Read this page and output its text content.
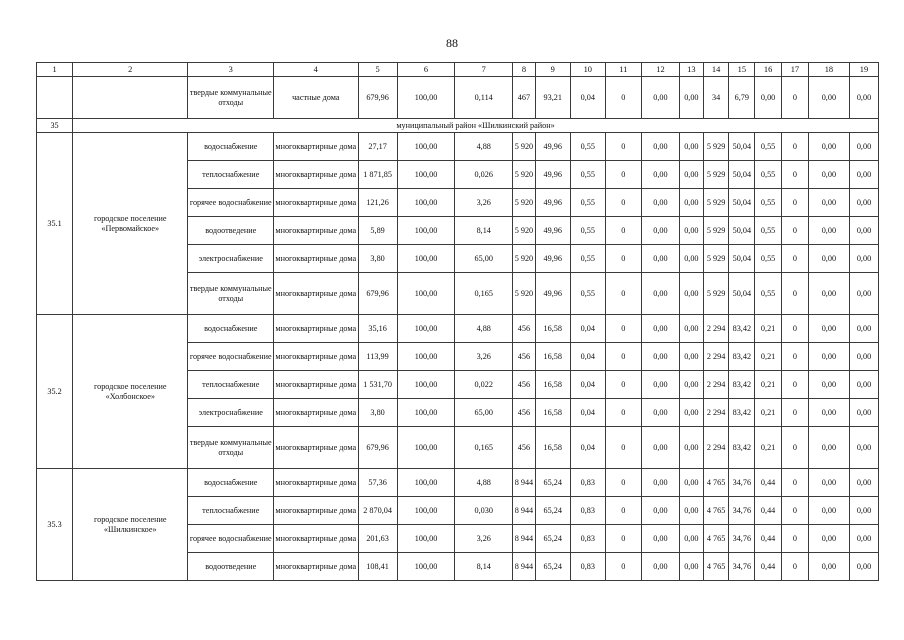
88
1	2	3	4	5	6	7	8	9	10	11	12	13	14	15	16	17	18	19
		твердые коммунальные отходы	частные дома	679,96	100,00	0,114	467	93,21	0,04	0	0,00	0,00	34	6,79	0,00	0	0,00	0,00
35	муниципальный район «Шилкинский район»																	
35.1	городское поселение «Первомайское»	водоснабжение	многоквартирные дома	27,17	100,00	4,88	5 920	49,96	0,55	0	0,00	0,00	5 929	50,04	0,55	0	0,00	0,00
		теплоснабжение	многоквартирные дома	1 871,85	100,00	0,026	5 920	49,96	0,55	0	0,00	0,00	5 929	50,04	0,55	0	0,00	0,00
		горячее водоснабжение	многоквартирные дома	121,26	100,00	3,26	5 920	49,96	0,55	0	0,00	0,00	5 929	50,04	0,55	0	0,00	0,00
		водоотведение	многоквартирные дома	5,89	100,00	8,14	5 920	49,96	0,55	0	0,00	0,00	5 929	50,04	0,55	0	0,00	0,00
		электроснабжение	многоквартирные дома	3,80	100,00	65,00	5 920	49,96	0,55	0	0,00	0,00	5 929	50,04	0,55	0	0,00	0,00
		твердые коммунальные отходы	многоквартирные дома	679,96	100,00	0,165	5 920	49,96	0,55	0	0,00	0,00	5 929	50,04	0,55	0	0,00	0,00
35.2	городское поселение «Холбонское»	водоснабжение	многоквартирные дома	35,16	100,00	4,88	456	16,58	0,04	0	0,00	0,00	2 294	83,42	0,21	0	0,00	0,00
		горячее водоснабжение	многоквартирные дома	113,99	100,00	3,26	456	16,58	0,04	0	0,00	0,00	2 294	83,42	0,21	0	0,00	0,00
		теплоснабжение	многоквартирные дома	1 531,70	100,00	0,022	456	16,58	0,04	0	0,00	0,00	2 294	83,42	0,21	0	0,00	0,00
		электроснабжение	многоквартирные дома	3,80	100,00	65,00	456	16,58	0,04	0	0,00	0,00	2 294	83,42	0,21	0	0,00	0,00
		твердые коммунальные отходы	многоквартирные дома	679,96	100,00	0,165	456	16,58	0,04	0	0,00	0,00	2 294	83,42	0,21	0	0,00	0,00
35.3	городское поселение «Шилкинское»	водоснабжение	многоквартирные дома	57,36	100,00	4,88	8 944	65,24	0,83	0	0,00	0,00	4 765	34,76	0,44	0	0,00	0,00
		теплоснабжение	многоквартирные дома	2 870,04	100,00	0,030	8 944	65,24	0,83	0	0,00	0,00	4 765	34,76	0,44	0	0,00	0,00
		горячее водоснабжение	многоквартирные дома	201,63	100,00	3,26	8 944	65,24	0,83	0	0,00	0,00	4 765	34,76	0,44	0	0,00	0,00
		водоотведение	многоквартирные дома	108,41	100,00	8,14	8 944	65,24	0,83	0	0,00	0,00	4 765	34,76	0,44	0	0,00	0,00
